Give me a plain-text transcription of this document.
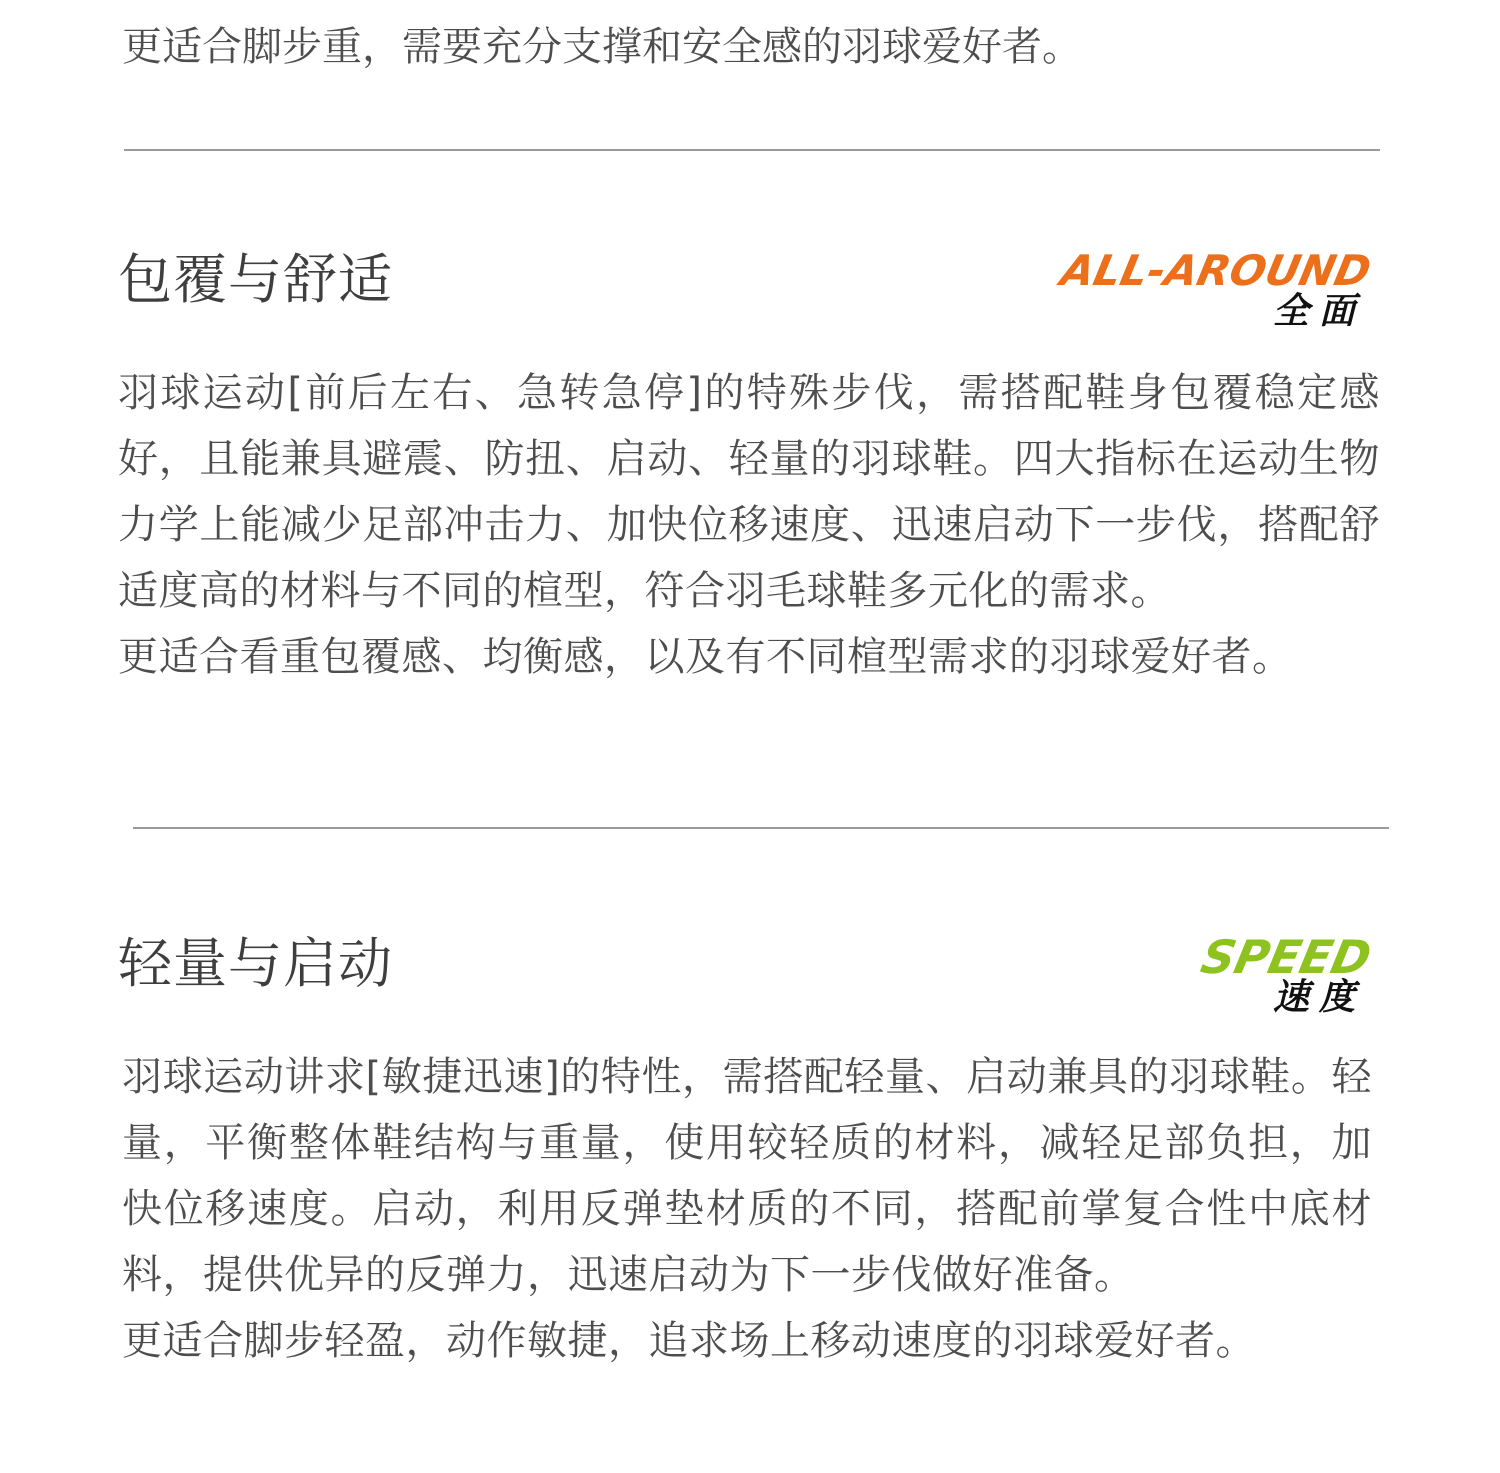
更适合脚步重，需要充分支撑和安全感的羽球爱好者。
包覆与舒适	ALL-AROUND
全面

羽球运动[前后左右、急转急停]的特殊步伐，需搭配鞋身包覆稳定感好，且能兼具避震、防扭、启动、轻量的羽球鞋。四大指标在运动生物力学上能减少足部冲击力、加快位移速度、迅速启动下一步伐，搭配舒适度高的材料与不同的楦型，符合羽毛球鞋多元化的需求。

更适合看重包覆感、均衡感，以及有不同楦型需求的羽球爱好者。

轻量与启动	SPEED
速度

羽球运动讲求[敏捷迅速]的特性，需搭配轻量、启动兼具的羽球鞋。轻量，平衡整体鞋结构与重量，使用较轻质的材料，减轻足部负担，加快位移速度。启动，利用反弹垫材质的不同，搭配前掌复合性中底材料，提供优异的反弹力，迅速启动为下一步伐做好准备。

更适合脚步轻盈，动作敏捷，追求场上移动速度的羽球爱好者。
